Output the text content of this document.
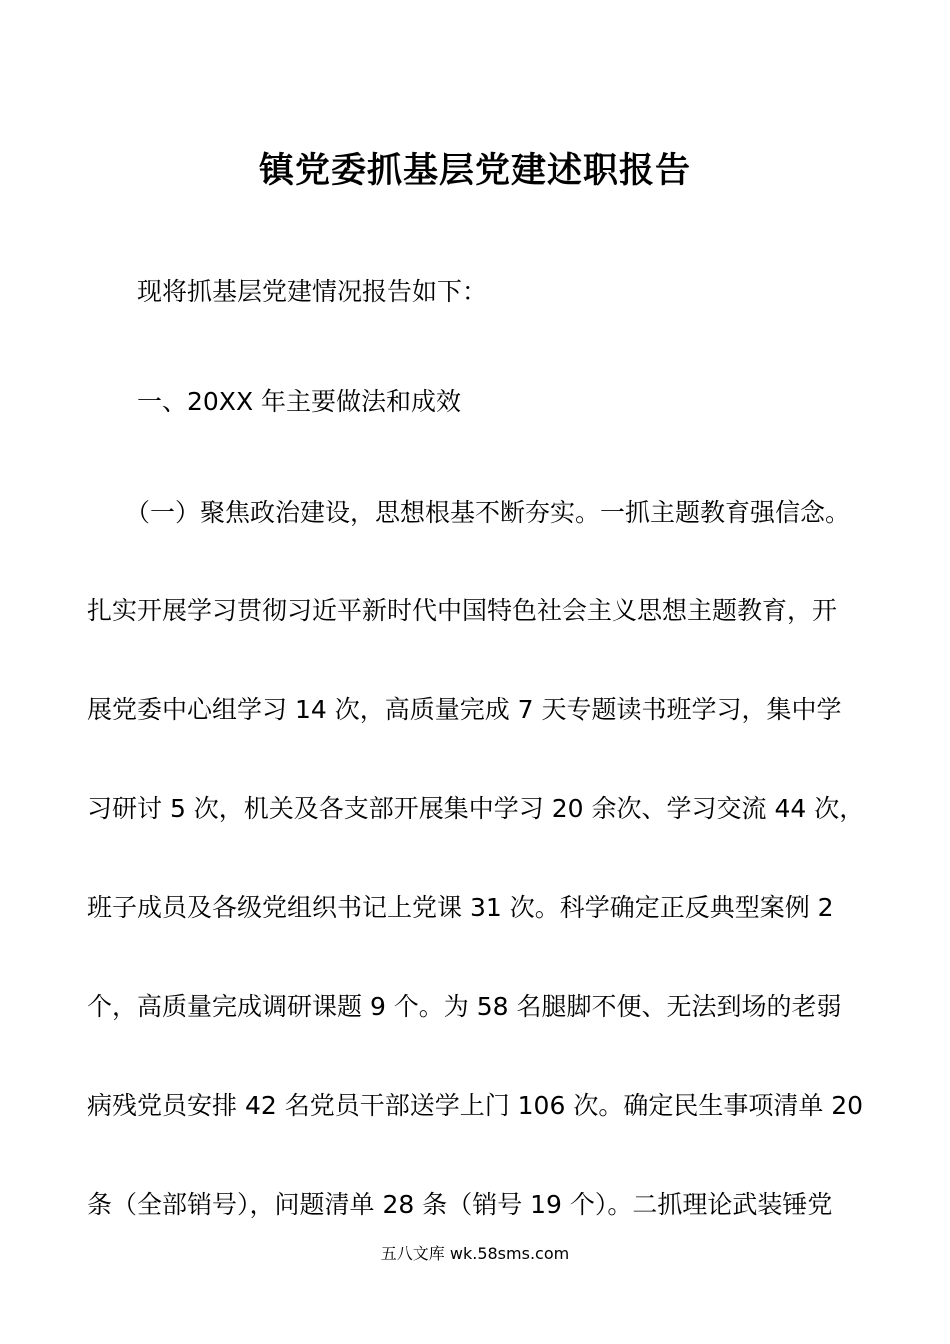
镇党委抓基层党建述职报告
现将抓基层党建情况报告如下：
一、20XX 年主要做法和成效
（一）聚焦政治建设，思想根基不断夯实。一抓主题教育强信念。
扎实开展学习贯彻习近平新时代中国特色社会主义思想主题教育，开
展党委中心组学习 14 次，高质量完成 7 天专题读书班学习，集中学
习研讨 5 次，机关及各支部开展集中学习 20 余次、学习交流 44 次，
班子成员及各级党组织书记上党课 31 次。科学确定正反典型案例 2
个，高质量完成调研课题 9 个。为 58 名腿脚不便、无法到场的老弱
病残党员安排 42 名党员干部送学上门 106 次。确定民生事项清单 20
条（全部销号），问题清单 28 条（销号 19 个）。二抓理论武装锤党
五八文库 wk.58sms.com
